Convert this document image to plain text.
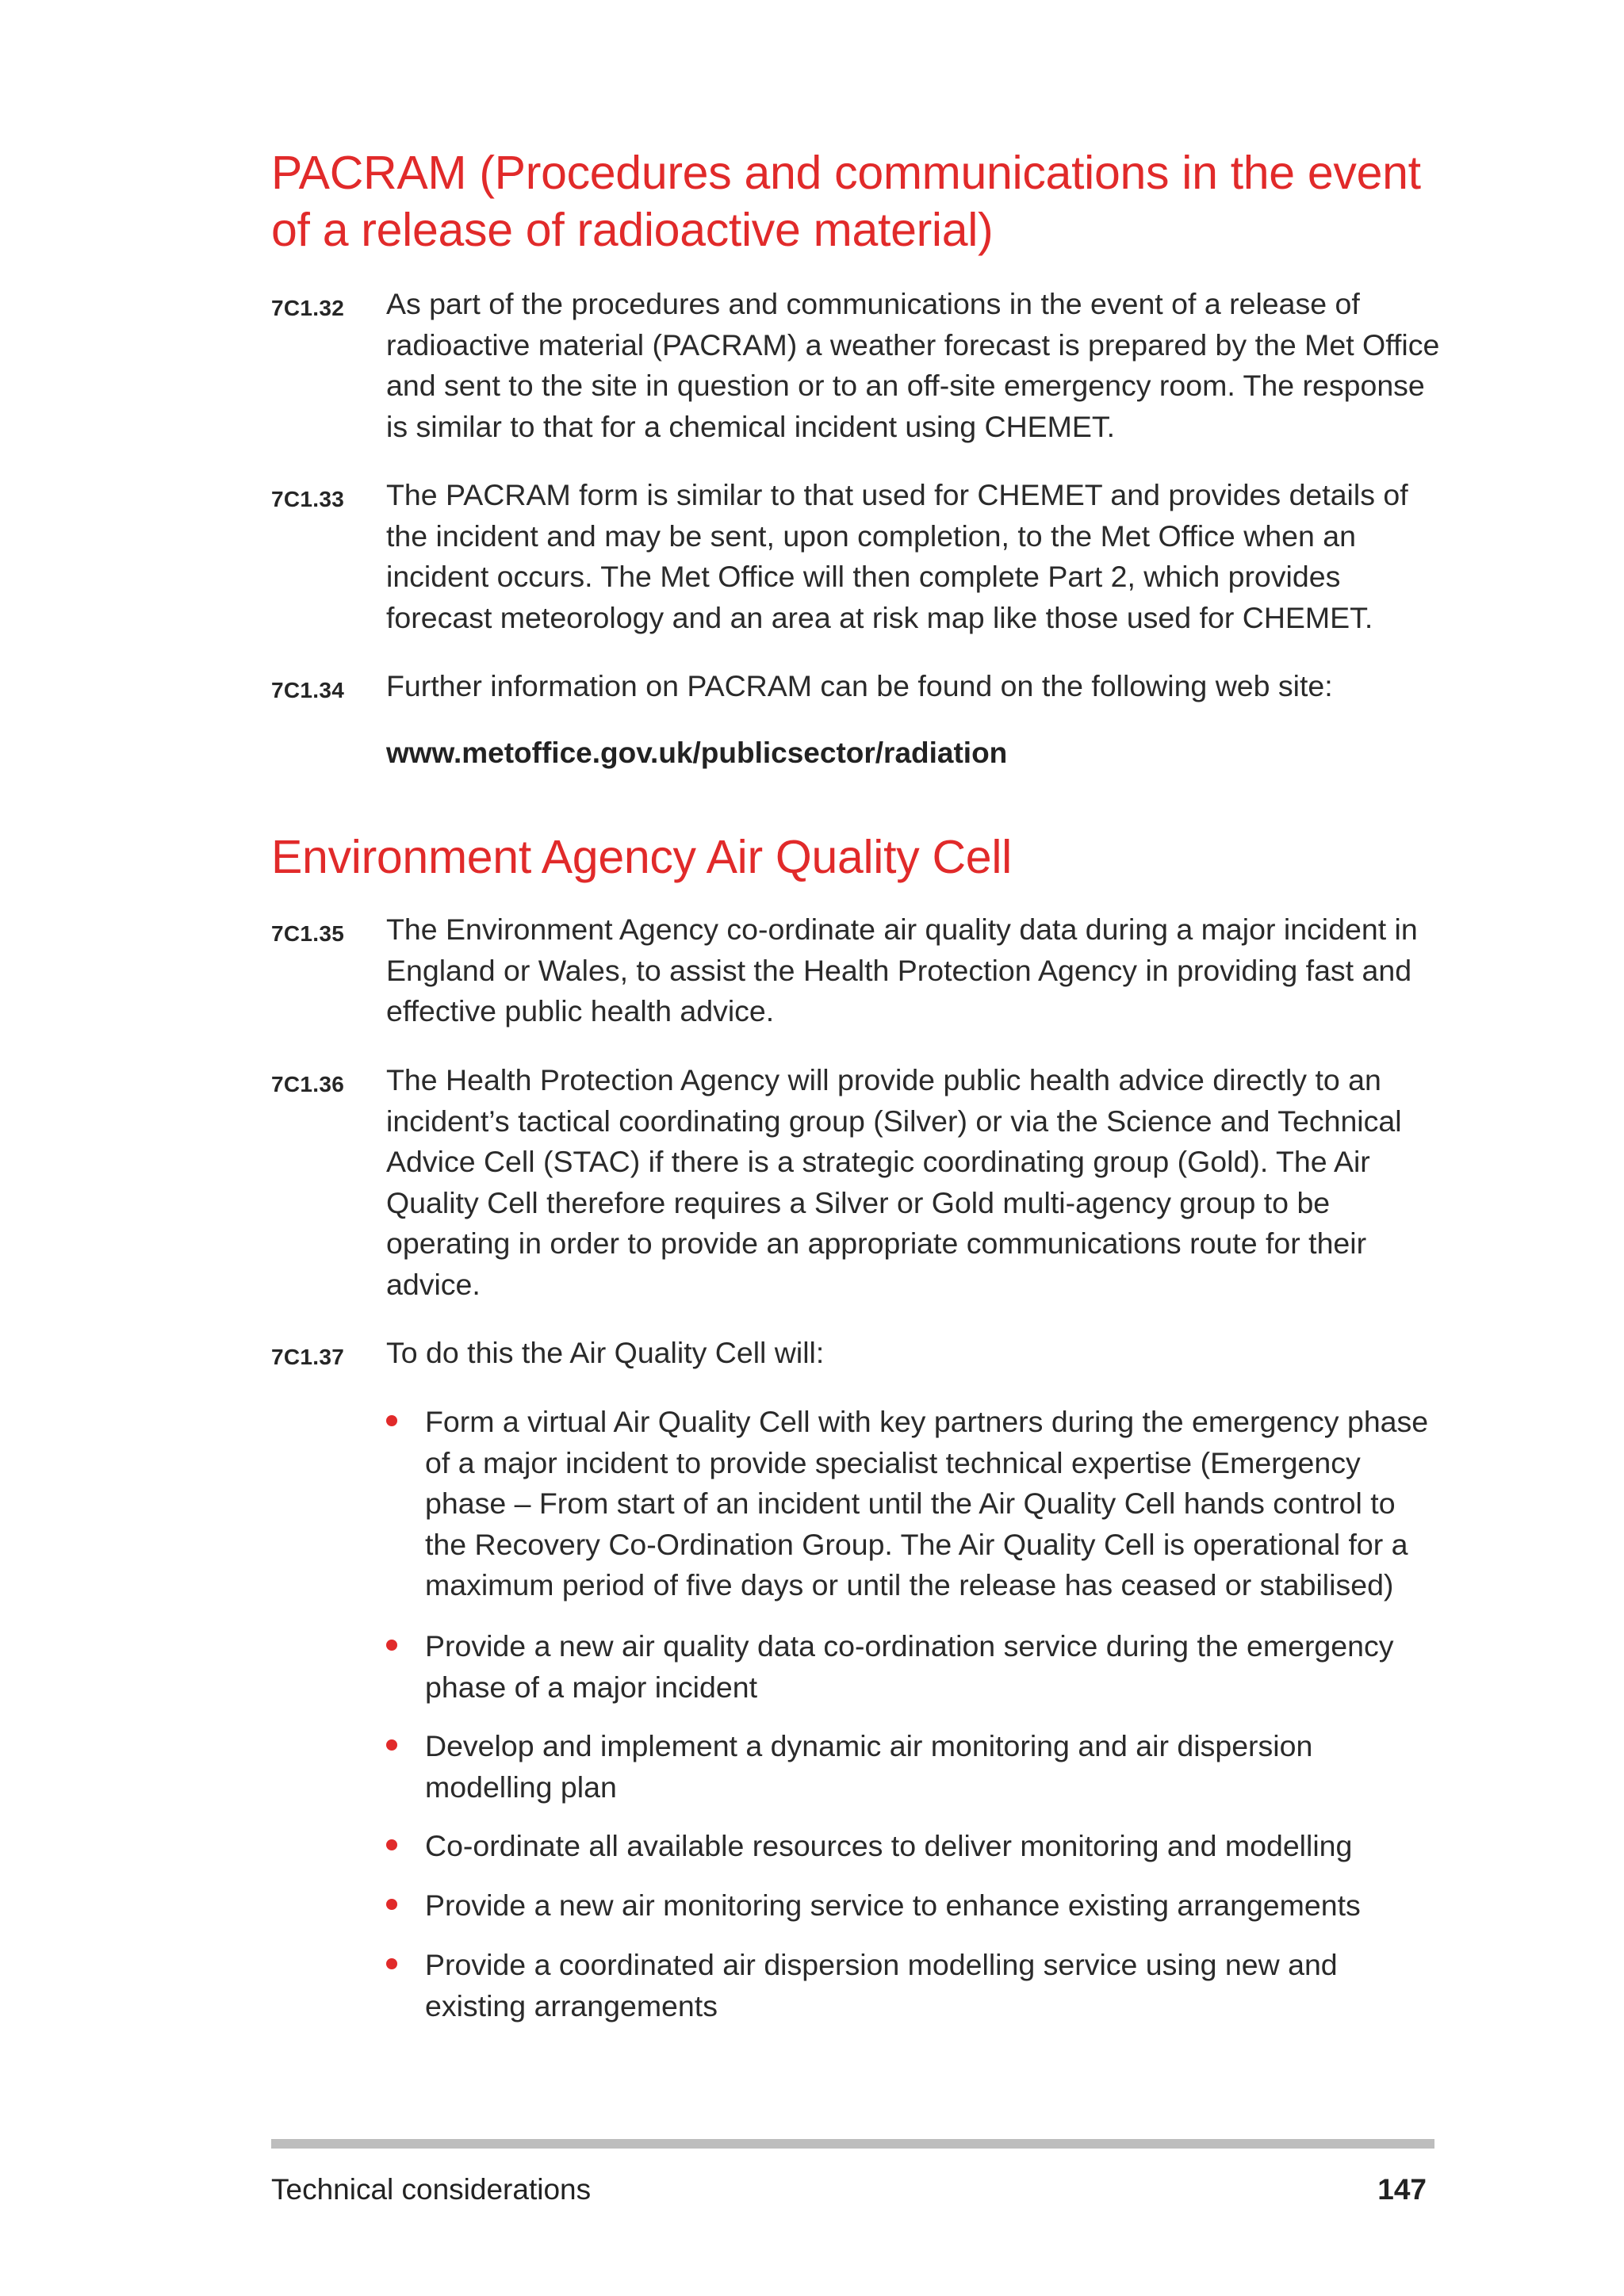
PACRAM (Procedures and communications in the event of a release of radioactive material)
7C1.32 As part of the procedures and communications in the event of a release of radioactive material (PACRAM) a weather forecast is prepared by the Met Office and sent to the site in question or to an off-site emergency room. The response is similar to that for a chemical incident using CHEMET.

7C1.33 The PACRAM form is similar to that used for CHEMET and provides details of the incident and may be sent, upon completion, to the Met Office when an incident occurs. The Met Office will then complete Part 2, which provides forecast meteorology and an area at risk map like those used for CHEMET.

7C1.34 Further information on PACRAM can be found on the following web site:

www.metoffice.gov.uk/publicsector/radiation
Environment Agency Air Quality Cell
7C1.35 The Environment Agency co-ordinate air quality data during a major incident in England or Wales, to assist the Health Protection Agency in providing fast and effective public health advice.

7C1.36 The Health Protection Agency will provide public health advice directly to an incident’s tactical coordinating group (Silver) or via the Science and Technical Advice Cell (STAC) if there is a strategic coordinating group (Gold). The Air Quality Cell therefore requires a Silver or Gold multi-agency group to be operating in order to provide an appropriate communications route for their advice.

7C1.37 To do this the Air Quality Cell will:

Form a virtual Air Quality Cell with key partners during the emergency phase of a major incident to provide specialist technical expertise (Emergency phase – From start of an incident until the Air Quality Cell hands control to the Recovery Co-Ordination Group. The Air Quality Cell is operational for a maximum period of five days or until the release has ceased or stabilised)

Provide a new air quality data co-ordination service during the emergency phase of a major incident

Develop and implement a dynamic air monitoring and air dispersion modelling plan

Co-ordinate all available resources to deliver monitoring and modelling

Provide a new air monitoring service to enhance existing arrangements

Provide a coordinated air dispersion modelling service using new and existing arrangements

Technical considerations	147
